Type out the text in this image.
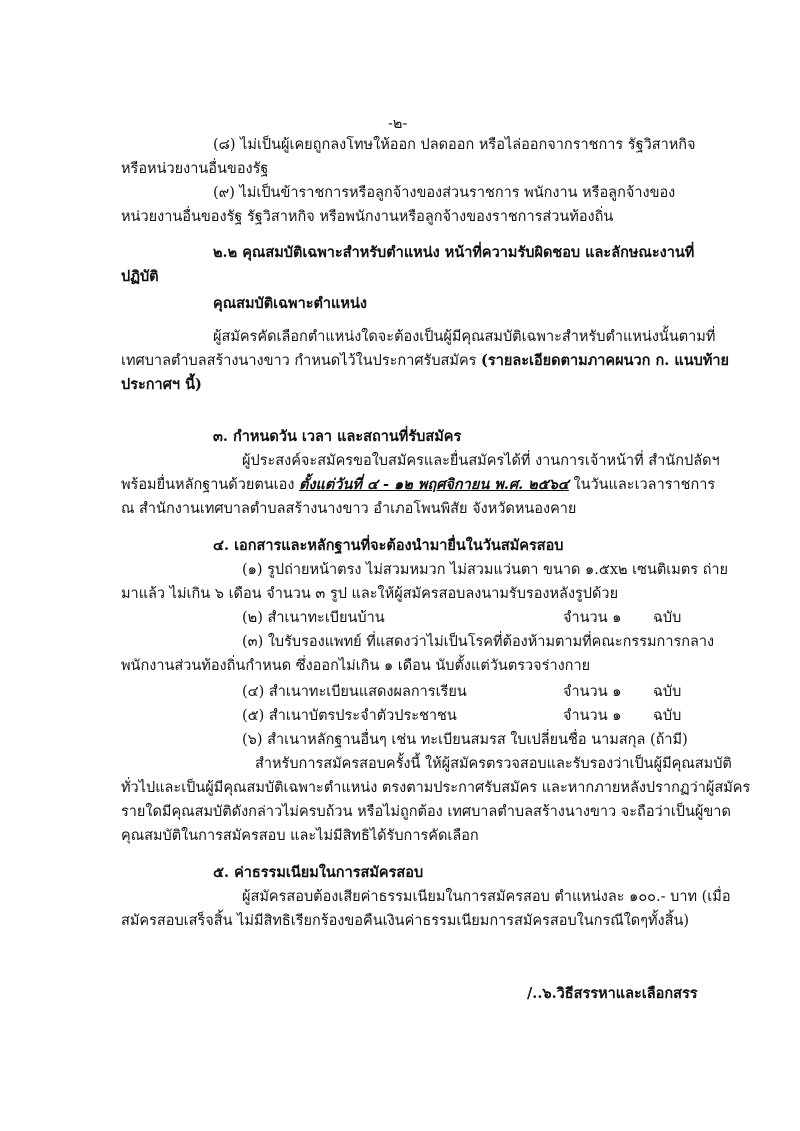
-๒-
(๘) ไม่เป็นผู้เคยถูกลงโทษให้ออก ปลดออก หรือไล่ออกจากราชการ รัฐวิสาหกิจ
หรือหน่วยงานอื่นของรัฐ
(๙) ไม่เป็นข้าราชการหรือลูกจ้างของส่วนราชการ พนักงาน หรือลูกจ้างของ
หน่วยงานอื่นของรัฐ รัฐวิสาหกิจ หรือพนักงานหรือลูกจ้างของราชการส่วนท้องถิ่น
๒.๒ คุณสมบัติเฉพาะสำหรับตำแหน่ง หน้าที่ความรับผิดชอบ และลักษณะงานที่
ปฏิบัติ
คุณสมบัติเฉพาะตำแหน่ง
ผู้สมัครคัดเลือกตำแหน่งใดจะต้องเป็นผู้มีคุณสมบัติเฉพาะสำหรับตำแหน่งนั้นตามที่
เทศบาลตำบลสร้างนางขาว กำหนดไว้ในประกาศรับสมัคร (รายละเอียดตามภาคผนวก ก. แนบท้าย
ประกาศฯ นี้)
๓. กำหนดวัน เวลา และสถานที่รับสมัคร
ผู้ประสงค์จะสมัครขอใบสมัครและยื่นสมัครได้ที่ งานการเจ้าหน้าที่ สำนักปลัดฯ
พร้อมยื่นหลักฐานด้วยตนเอง ตั้งแต่วันที่ ๔ - ๑๒ พฤศจิกายน พ.ศ. ๒๕๖๔ ในวันและเวลาราชการ
ณ สำนักงานเทศบาลตำบลสร้างนางขาว อำเภอโพนพิสัย จังหวัดหนองคาย
๔. เอกสารและหลักฐานที่จะต้องนำมายื่นในวันสมัครสอบ
(๑) รูปถ่ายหน้าตรง ไม่สวมหมวก ไม่สวมแว่นตา ขนาด ๑.๕x๒ เซนติเมตร ถ่าย
มาแล้ว ไม่เกิน ๖ เดือน จำนวน ๓ รูป และให้ผู้สมัครสอบลงนามรับรองหลังรูปด้วย
(๒) สำเนาทะเบียนบ้าน	จำนวน ๑ ฉบับ
(๓) ใบรับรองแพทย์ ที่แสดงว่าไม่เป็นโรคที่ต้องห้ามตามที่คณะกรรมการกลาง
พนักงานส่วนท้องถิ่นกำหนด ซึ่งออกไม่เกิน ๑ เดือน นับตั้งแต่วันตรวจร่างกาย
(๔) สำเนาทะเบียนแสดงผลการเรียน	จำนวน ๑ ฉบับ
(๕) สำเนาบัตรประจำตัวประชาชน	จำนวน ๑ ฉบับ
(๖) สำเนาหลักฐานอื่นๆ เช่น ทะเบียนสมรส ใบเปลี่ยนชื่อ นามสกุล (ถ้ามี)
สำหรับการสมัครสอบครั้งนี้ ให้ผู้สมัครตรวจสอบและรับรองว่าเป็นผู้มีคุณสมบัติ
ทั่วไปและเป็นผู้มีคุณสมบัติเฉพาะตำแหน่ง ตรงตามประกาศรับสมัคร และหากภายหลังปรากฏว่าผู้สมัคร
รายใดมีคุณสมบัติดังกล่าวไม่ครบถ้วน หรือไม่ถูกต้อง เทศบาลตำบลสร้างนางขาว จะถือว่าเป็นผู้ขาด
คุณสมบัติในการสมัครสอบ และไม่มีสิทธิได้รับการคัดเลือก
๕. ค่าธรรมเนียมในการสมัครสอบ
ผู้สมัครสอบต้องเสียค่าธรรมเนียมในการสมัครสอบ ตำแหน่งละ ๑๐๐.- บาท (เมื่อ
สมัครสอบเสร็จสิ้น ไม่มีสิทธิเรียกร้องขอคืนเงินค่าธรรมเนียมการสมัครสอบในกรณีใดๆทั้งสิ้น)
/..๖.วิธีสรรหาและเลือกสรร
